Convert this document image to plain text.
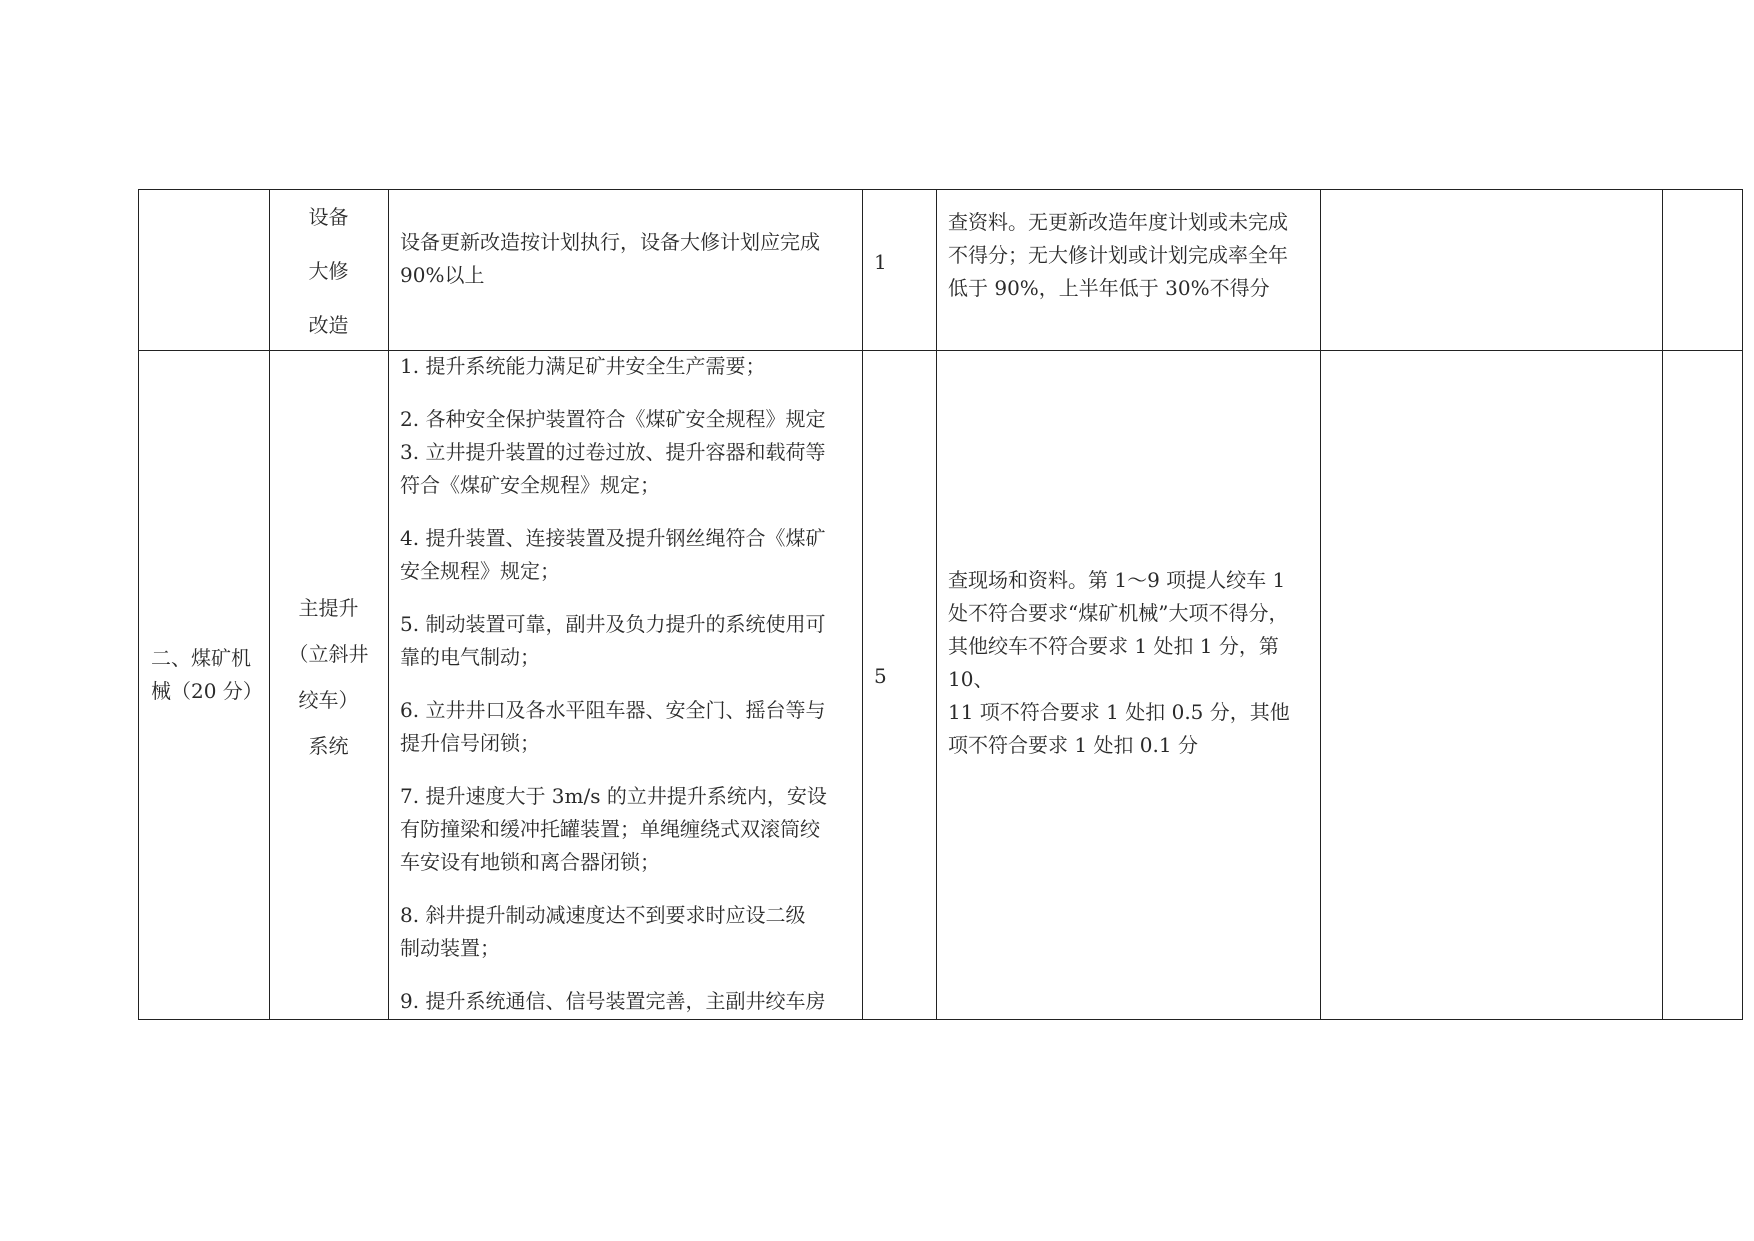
设备
大修
改造
设备更新改造按计划执行，设备大修计划应完成
90%以上
1
查资料。无更新改造年度计划或未完成
不得分；无大修计划或计划完成率全年
低于 90%，上半年低于 30%不得分
二、煤矿机
械（20 分）
主提升
（立斜井
绞车）
系统

1. 提升系统能力满足矿井安全生产需要；

2. 各种安全保护装置符合《煤矿安全规程》规定

3. 立井提升装置的过卷过放、提升容器和载荷等
符合《煤矿安全规程》规定；

4. 提升装置、连接装置及提升钢丝绳符合《煤矿
安全规程》规定；

5. 制动装置可靠，副井及负力提升的系统使用可
靠的电气制动；

6. 立井井口及各水平阻车器、安全门、摇台等与
提升信号闭锁；

7. 提升速度大于 3m/s 的立井提升系统内，安设
有防撞梁和缓冲托罐装置；单绳缠绕式双滚筒绞
车安设有地锁和离合器闭锁；

8. 斜井提升制动减速度达不到要求时应设二级
制动装置；

9. 提升系统通信、信号装置完善，主副井绞车房

5
查现场和资料。第 1～9 项提人绞车 1
处不符合要求“煤矿机械”大项不得分，
其他绞车不符合要求 1 处扣 1 分，第 10、
11 项不符合要求 1 处扣 0.5 分，其他
项不符合要求 1 处扣 0.1 分
